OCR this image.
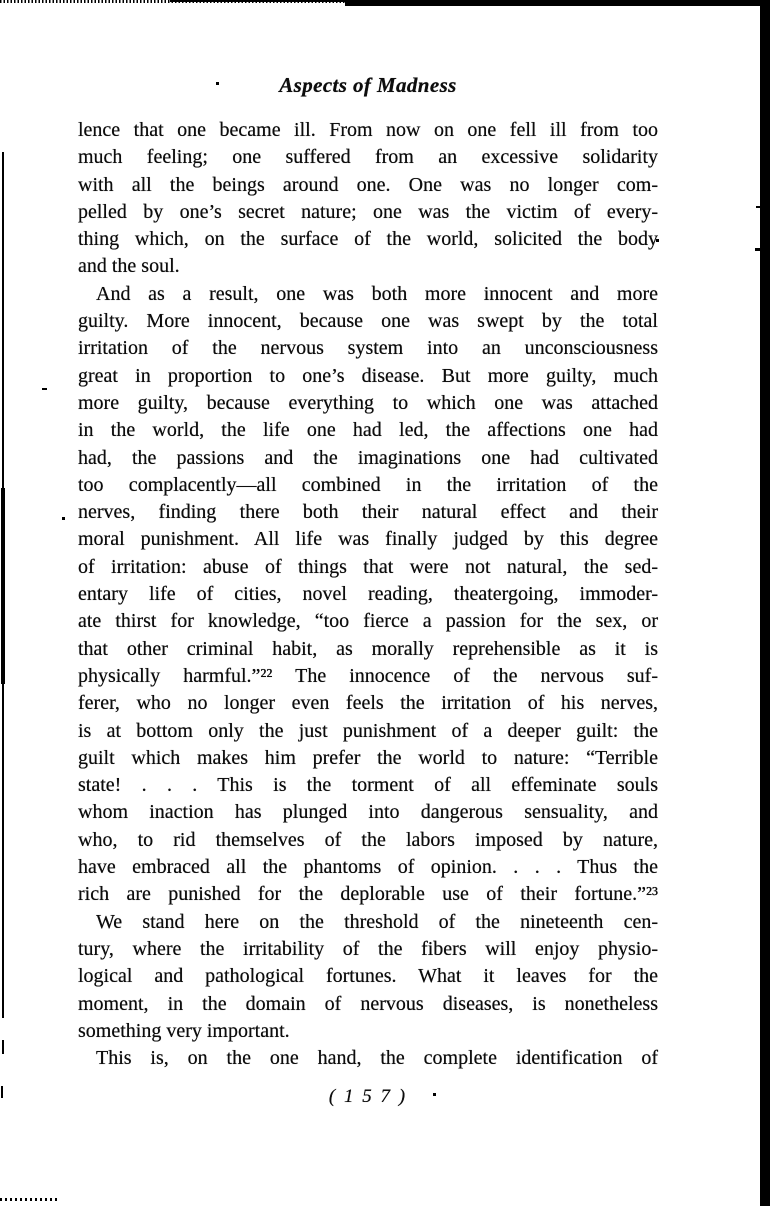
Aspects of Madness
lence that one became ill. From now on one fell ill from too
much feeling; one suffered from an excessive solidarity
with all the beings around one. One was no longer com-
pelled by one’s secret nature; one was the victim of every-
thing which, on the surface of the world, solicited the body
and the soul.
And as a result, one was both more innocent and more
guilty. More innocent, because one was swept by the total
irritation of the nervous system into an unconsciousness
great in proportion to one’s disease. But more guilty, much
more guilty, because everything to which one was attached
in the world, the life one had led, the affections one had
had, the passions and the imaginations one had cultivated
too complacently—all combined in the irritation of the
nerves, finding there both their natural effect and their
moral punishment. All life was finally judged by this degree
of irritation: abuse of things that were not natural, the sed-
entary life of cities, novel reading, theatergoing, immoder-
ate thirst for knowledge, “too fierce a passion for the sex, or
that other criminal habit, as morally reprehensible as it is
physically harmful.”²² The innocence of the nervous suf-
ferer, who no longer even feels the irritation of his nerves,
is at bottom only the just punishment of a deeper guilt: the
guilt which makes him prefer the world to nature: “Terrible
state! . . . This is the torment of all effeminate souls
whom inaction has plunged into dangerous sensuality, and
who, to rid themselves of the labors imposed by nature,
have embraced all the phantoms of opinion. . . . Thus the
rich are punished for the deplorable use of their fortune.”²³
We stand here on the threshold of the nineteenth cen-
tury, where the irritability of the fibers will enjoy physio-
logical and pathological fortunes. What it leaves for the
moment, in the domain of nervous diseases, is nonetheless
something very important.
This is, on the one hand, the complete identification of
( 1 5 7 )
